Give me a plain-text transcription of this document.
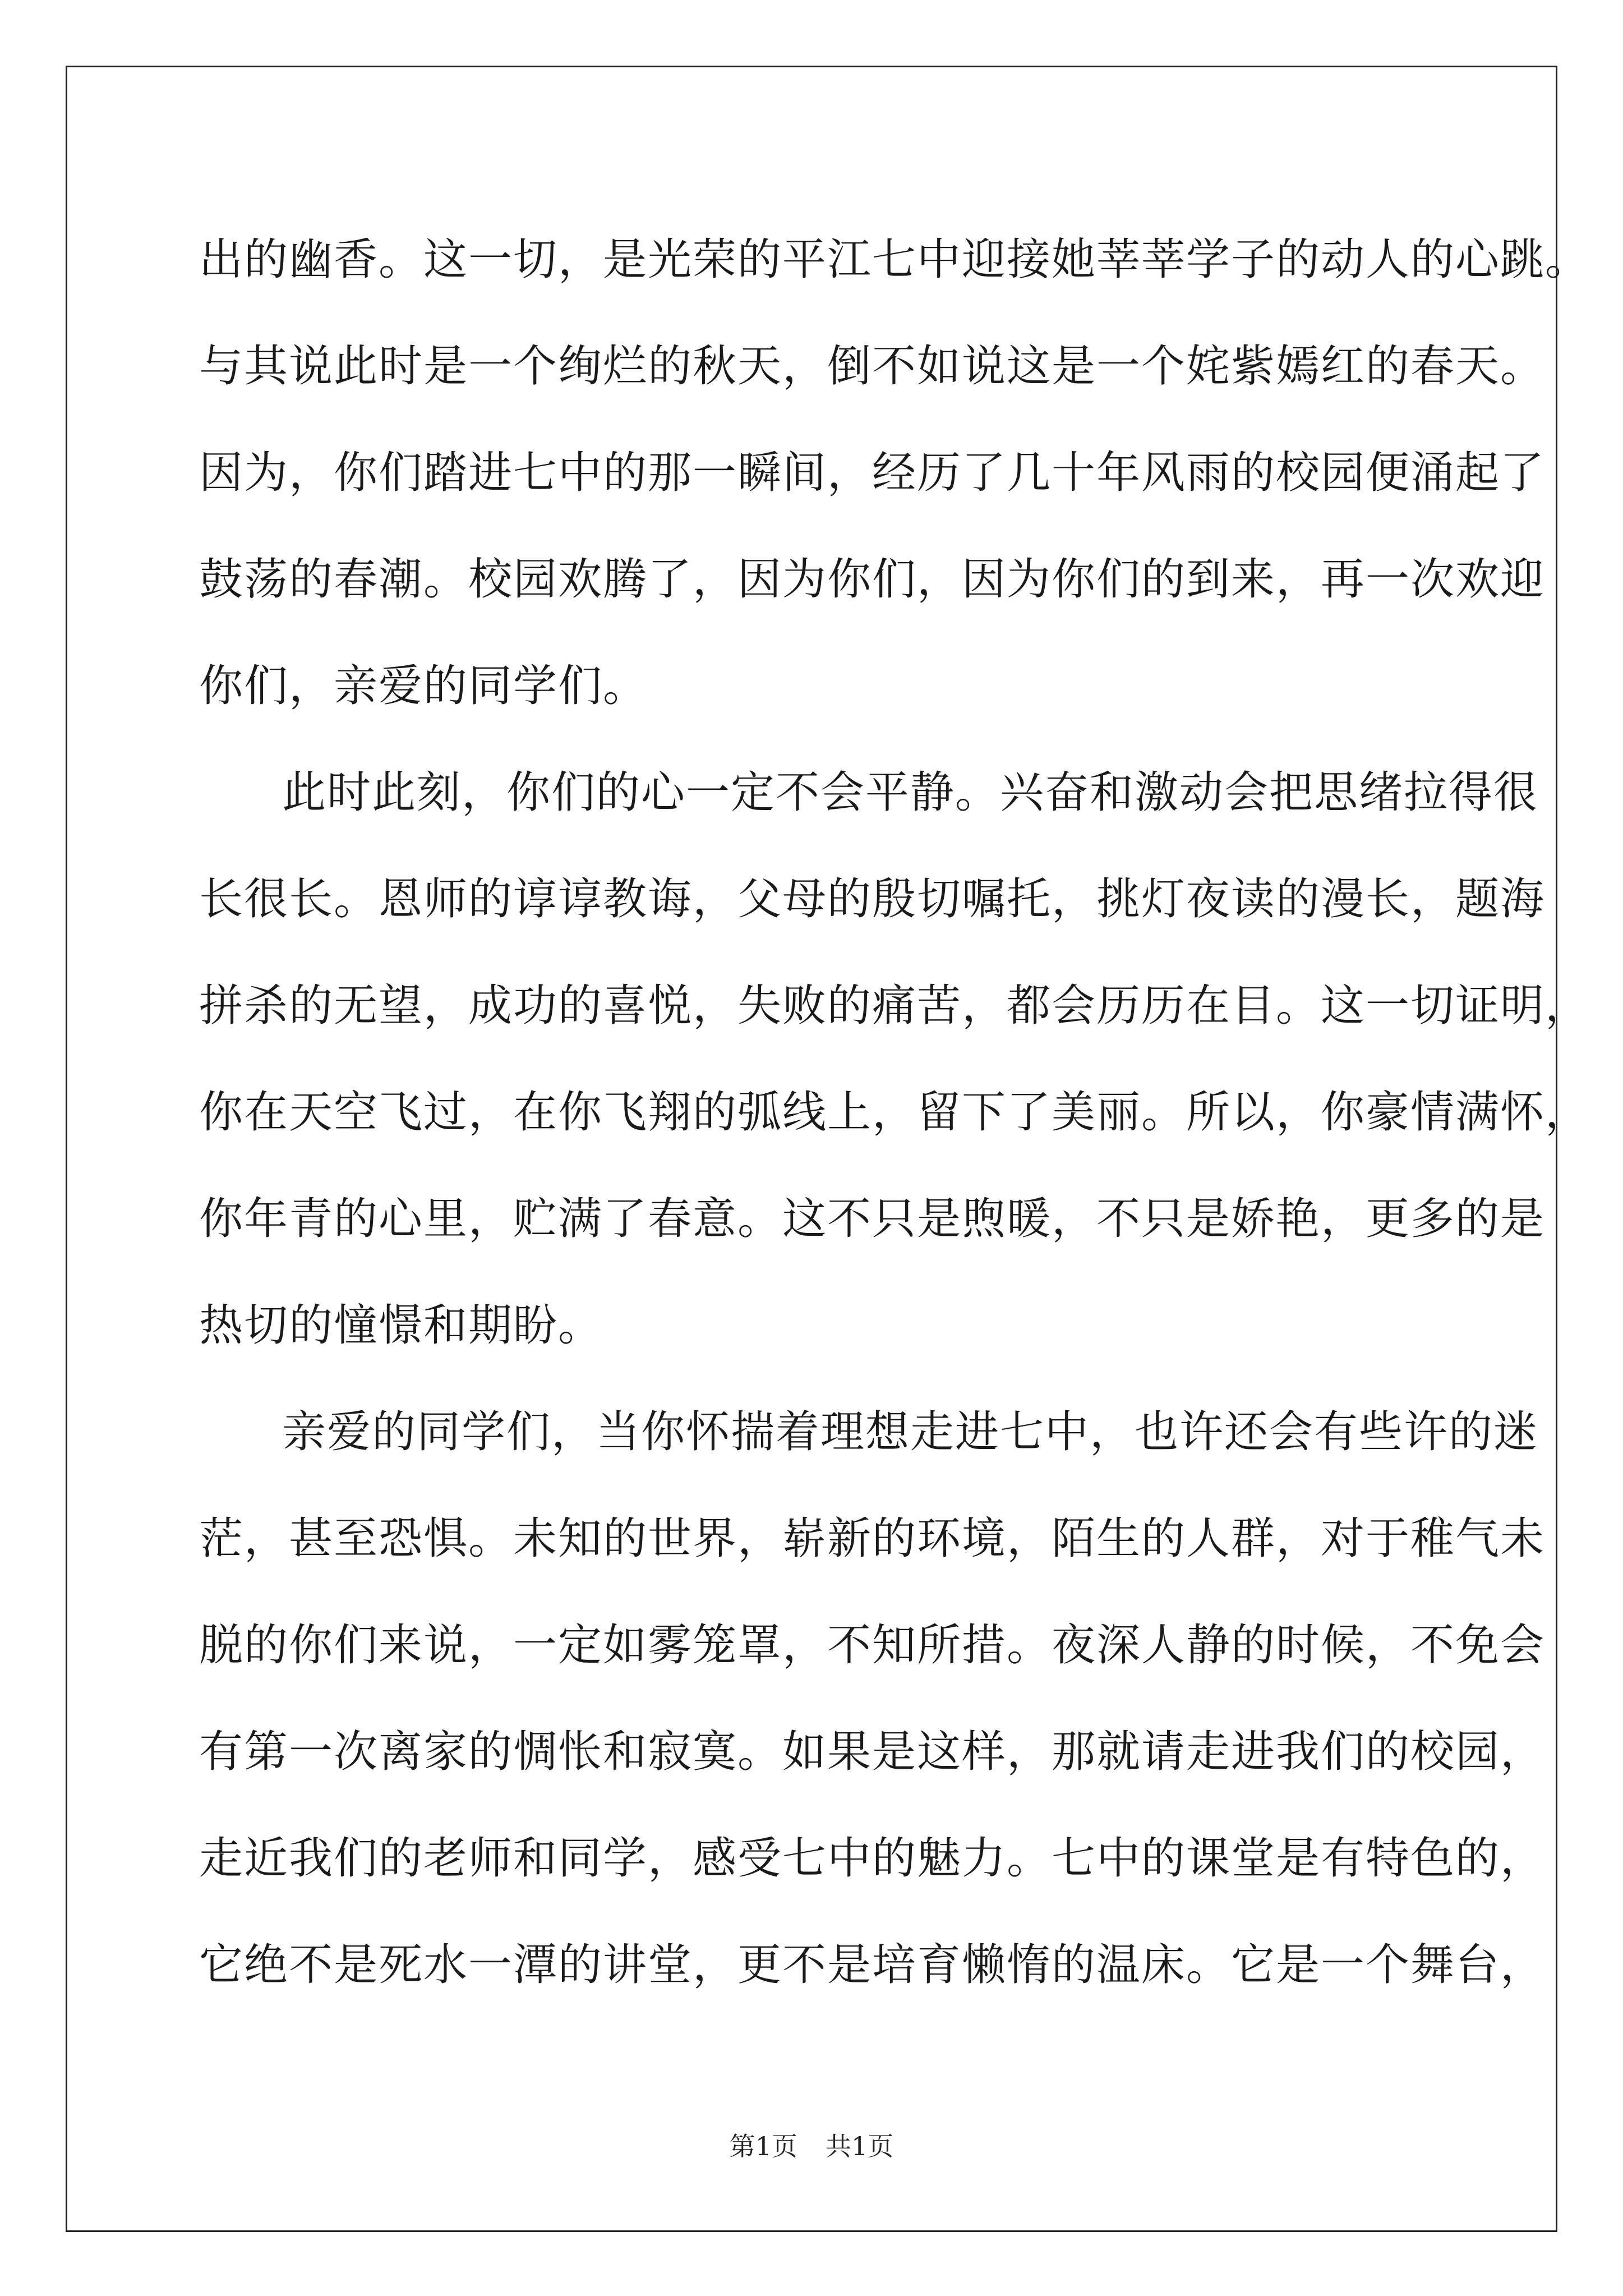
出的幽香。这一切，是光荣的平江七中迎接她莘莘学子的动人的心跳。
与其说此时是一个绚烂的秋天，倒不如说这是一个姹紫嫣红的春天。
因为，你们踏进七中的那一瞬间，经历了几十年风雨的校园便涌起了
鼓荡的春潮。校园欢腾了，因为你们，因为你们的到来，再一次欢迎
你们，亲爱的同学们。
此时此刻，你们的心一定不会平静。兴奋和激动会把思绪拉得很
长很长。恩师的谆谆教诲，父母的殷切嘱托，挑灯夜读的漫长，题海
拼杀的无望，成功的喜悦，失败的痛苦，都会历历在目。这一切证明，
你在天空飞过，在你飞翔的弧线上，留下了美丽。所以，你豪情满怀，
你年青的心里，贮满了春意。这不只是煦暖，不只是娇艳，更多的是
热切的憧憬和期盼。
亲爱的同学们，当你怀揣着理想走进七中，也许还会有些许的迷
茫，甚至恐惧。未知的世界，崭新的环境，陌生的人群，对于稚气未
脱的你们来说，一定如雾笼罩，不知所措。夜深人静的时候，不免会
有第一次离家的惆怅和寂寞。如果是这样，那就请走进我们的校园，
走近我们的老师和同学，感受七中的魅力。七中的课堂是有特色的，
它绝不是死水一潭的讲堂，更不是培育懒惰的温床。它是一个舞台，
第1页 共1页
